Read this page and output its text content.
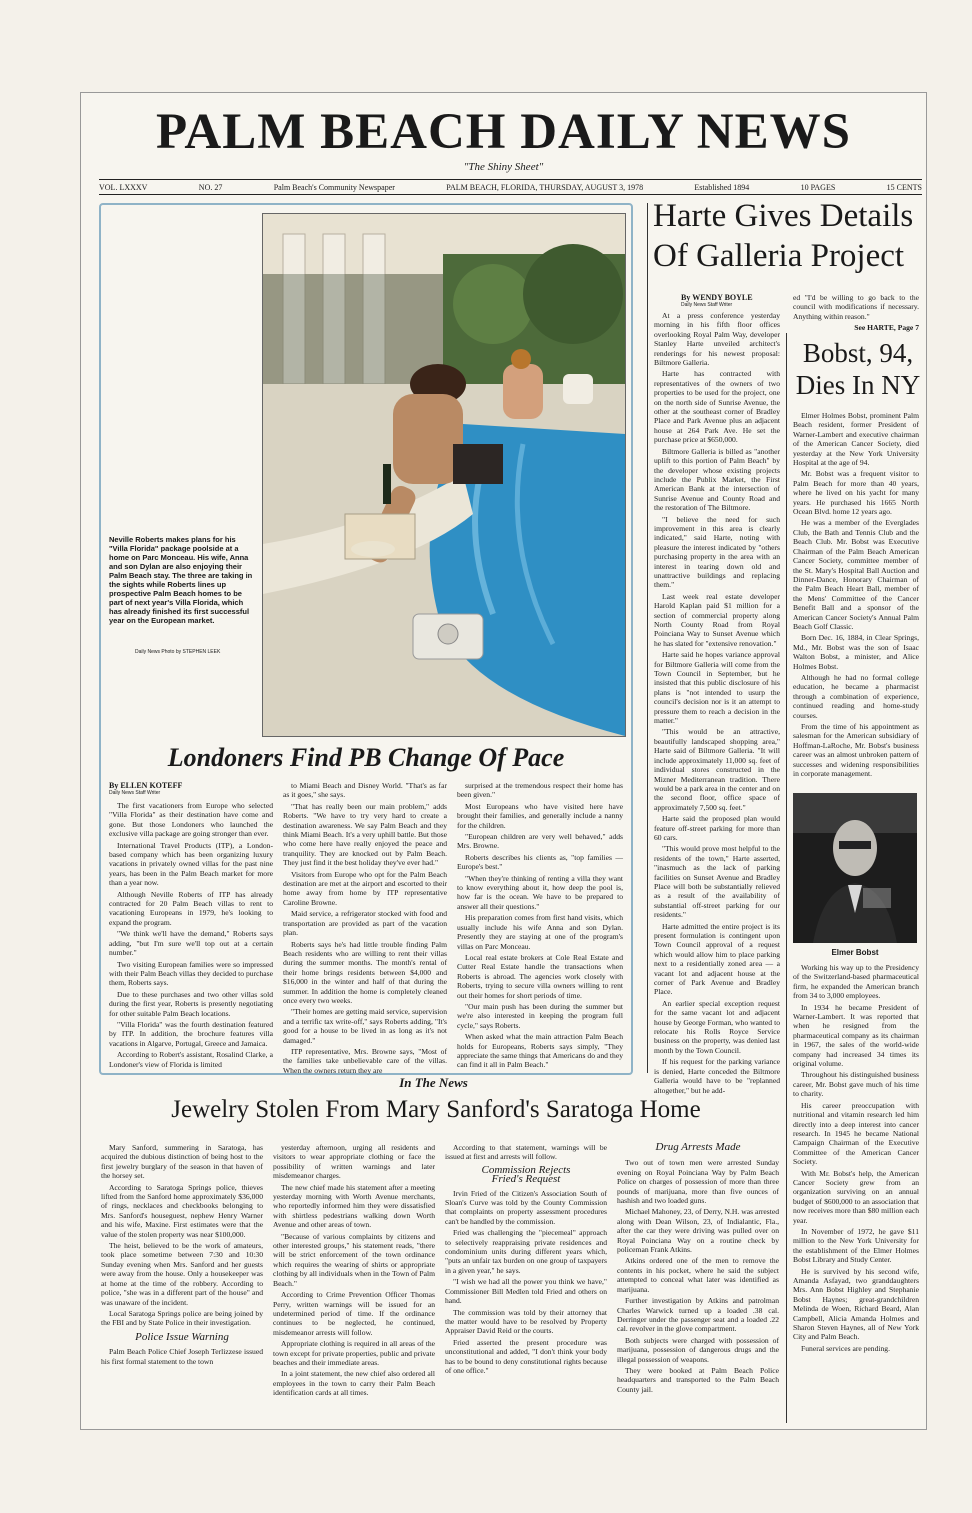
PALM BEACH DAILY NEWS
"The Shiny Sheet"
VOL. LXXXV	NO. 27	Palm Beach's Community Newspaper	PALM BEACH, FLORIDA, THURSDAY, AUGUST 3, 1978	Established 1894	10 PAGES	15 CENTS
Neville Roberts makes plans for his "Villa Florida" package poolside at a home on Parc Monceau. His wife, Anna and son Dylan are also enjoying their Palm Beach stay. The three are taking in the sights while Roberts lines up prospective Palm Beach homes to be part of next year's Villa Florida, which has already finished its first successful year on the European market.
Daily News Photo by STEPHEN LEEK
Londoners Find PB Change Of Pace
By ELLEN KOTEFF
Daily News Staff Writer

The first vacationers from Europe who selected "Villa Florida" as their destination have come and gone. But those Londoners who launched the exclusive villa package are going stronger than ever.

International Travel Products (ITP), a London-based company which has been organizing luxury vacations in privately owned villas for the past nine years, has been in the Palm Beach market for more than a year now.

Although Neville Roberts of ITP has already contracted for 20 Palm Beach villas to rent to vacationing Europeans in 1979, he's looking to expand the program.

"We think we'll have the demand," Roberts says adding, "but I'm sure we'll top out at a certain number."

Two visiting European families were so impressed with their Palm Beach villas they decided to purchase them, Roberts says.

Due to these purchases and two other villas sold during the first year, Roberts is presently negotiating for other suitable Palm Beach locations.

"Villa Florida" was the fourth destination featured by ITP. In addition, the brochure features villa vacations in Algarve, Portugal, Greece and Jamaica.

According to Robert's assistant, Rosalind Clarke, a Londoner's view of Florida is limited

to Miami Beach and Disney World. "That's as far as it goes," she says.

"That has really been our main problem," adds Roberts. "We have to try very hard to create a destination awareness. We say Palm Beach and they think Miami Beach. It's a very uphill battle. But those who come here have really enjoyed the peace and tranquility. They are knocked out by Palm Beach. They just find it the best holiday they've ever had."

Visitors from Europe who opt for the Palm Beach destination are met at the airport and escorted to their home away from home by ITP representative Caroline Browne.

Maid service, a refrigerator stocked with food and transportation are provided as part of the vacation plan.

Roberts says he's had little trouble finding Palm Beach residents who are willing to rent their villas during the summer months. The month's rental of their home brings residents between $4,000 and $16,000 in the winter and half of that during the summer. In addition the home is completely cleaned once every two weeks.

"Their homes are getting maid service, supervision and a terrific tax write-off," says Roberts adding, "It's good for a house to be lived in as long as it's not damaged."

ITP representative, Mrs. Browne says, "Most of the families take unbelievable care of the villas. When the owners return they are

surprised at the tremendous respect their home has been given."

Most Europeans who have visited here have brought their families, and generally include a nanny for the children.

"European children are very well behaved," adds Mrs. Browne.

Roberts describes his clients as, "top families — Europe's best."

"When they're thinking of renting a villa they want to know everything about it, how deep the pool is, how far is the ocean. We have to be prepared to answer all their questions."

His preparation comes from first hand visits, which usually include his wife Anna and son Dylan. Presently they are staying at one of the program's villas on Parc Monceau.

Local real estate brokers at Cole Real Estate and Cutter Real Estate handle the transactions when Roberts is abroad. The agencies work closely with Roberts, trying to secure villa owners willing to rent out their homes for short periods of time.

"Our main push has been during the summer but we're also interested in keeping the program full cycle," says Roberts.

When asked what the main attraction Palm Beach holds for Europeans, Roberts says simply, "They appreciate the same things that Americans do and they can find it all in Palm Beach."

Harte Gives Details
Of Galleria Project
By WENDY BOYLE
Daily News Staff Writer

At a press conference yesterday morning in his fifth floor offices overlooking Royal Palm Way, developer Stanley Harte unveiled architect's renderings for his newest proposal: Biltmore Galleria.

Harte has contracted with representatives of the owners of two properties to be used for the project, one on the north side of Sunrise Avenue, the other at the southeast corner of Bradley Place and Park Avenue plus an adjacent house at 264 Park Ave. He set the purchase price at $650,000.

Biltmore Galleria is billed as "another uplift to this portion of Palm Beach" by the developer whose existing projects include the Publix Market, the First American Bank at the intersection of Sunrise Avenue and County Road and the restoration of The Biltmore.

"I believe the need for such improvement in this area is clearly indicated," said Harte, noting with pleasure the interest indicated by "others purchasing property in the area with an interest in tearing down old and unattractive buildings and replacing them."

Last week real estate developer Harold Kaplan paid $1 million for a section of commercial property along North County Road from Royal Poinciana Way to Sunset Avenue which he has slated for "extensive renovation."

Harte said he hopes variance approval for Biltmore Galleria will come from the Town Council in September, but he insisted that this public disclosure of his plans is "not intended to usurp the council's decision nor is it an attempt to pressure them to reach a decision in the matter."

"This would be an attractive, beautifully landscaped shopping area," Harte said of Biltmore Galleria. "It will include approximately 11,000 sq. feet of individual stores constructed in the Mizner Mediterranean tradition. There would be a park area in the center and on the second floor, office space of approximately 7,500 sq. feet."

Harte said the proposed plan would feature off-street parking for more than 60 cars.

"This would prove most helpful to the residents of the town," Harte asserted, "inasmuch as the lack of parking facilities on Sunset Avenue and Bradley Place will both be substantially relieved as a result of the availability of substantial off-street parking for our residents."

Harte admitted the entire project is its present formulation is contingent upon Town Council approval of a request which would allow him to place parking next to a residentially zoned area — a vacant lot and adjacent house at the corner of Park Avenue and Bradley Place.

An earlier special exception request for the same vacant lot and adjacent house by George Forman, who wanted to relocate his Rolls Royce Service business on the property, was denied last month by the Town Council.

If his request for the parking variance is denied, Harte conceded the Biltmore Galleria would have to be "replanned altogether," but he add-

ed "I'd be willing to go back to the council with modifications if necessary. Anything within reason."

See HARTE, Page 7

Bobst, 94,
Dies In NY

Elmer Holmes Bobst, prominent Palm Beach resident, former President of Warner-Lambert and executive chairman of the American Cancer Society, died yesterday at the New York University Hospital at the age of 94.

Mr. Bobst was a frequent visitor to Palm Beach for more than 40 years, where he lived on his yacht for many years. He purchased his 1665 North Ocean Blvd. home 12 years ago.

He was a member of the Everglades Club, the Bath and Tennis Club and the Beach Club. Mr. Bobst was Executive Chairman of the Palm Beach American Cancer Society, committee member of the St. Mary's Hospital Ball Auction and Dinner-Dance, Honorary Chairman of the Palm Beach Heart Ball, member of the Mens' Committee of the Cancer Benefit Ball and a sponsor of the American Cancer Society's Annual Palm Beach Golf Classic.

Born Dec. 16, 1884, in Clear Springs, Md., Mr. Bobst was the son of Isaac Walton Bobst, a minister, and Alice Holmes Bobst.

Although he had no formal college education, he became a pharmacist through a combination of experience, continued reading and home-study courses.

From the time of his appointment as salesman for the American subsidiary of Hoffman-LaRoche, Mr. Bobst's business career was an almost unbroken pattern of successes and widening responsibilities in corporate management.

Elmer Bobst

Working his way up to the Presidency of the Switzerland-based pharmaceutical firm, he expanded the American branch from 34 to 3,000 employees.

In 1934 he became President of Warner-Lambert. It was reported that when he resigned from the pharmaceutical company as its chairman in 1967, the sales of the world-wide company had increased 34 times its original volume.

Throughout his distinguished business career, Mr. Bobst gave much of his time to charity.

His career preoccupation with nutritional and vitamin research led him directly into a deep interest into cancer research. In 1945 he became National Campaign Chairman of the Executive Committee of the American Cancer Society.

With Mr. Bobst's help, the American Cancer Society grew from an organization surviving on an annual budget of $600,000 to an association that now receives more than $80 million each year.

In November of 1972, he gave $11 million to the New York University for the establishment of the Elmer Holmes Bobst Library and Study Center.

He is survived by his second wife, Amanda Asfayad, two granddaughters Mrs. Ann Bobst Highley and Stephanie Bobst Haynes; great-grandchildren Melinda de Woen, Richard Beard, Alan Campbell, Alicia Amanda Holmes and Sharon Steven Haynes, all of New York City and Palm Beach.

Funeral services are pending.

In The News
Jewelry Stolen From Mary Sanford's Saratoga Home

Mary Sanford, summering in Saratoga, has acquired the dubious distinction of being host to the first jewelry burglary of the season in that haven of the horsey set.

According to Saratoga Springs police, thieves lifted from the Sanford home approximately $36,000 of rings, necklaces and checkbooks belonging to Mrs. Sanford's houseguest, nephew Henry Warner and his wife, Maxine. First estimates were that the value of the stolen property was near $100,000.

The heist, believed to be the work of amateurs, took place sometime between 7:30 and 10:30 Sunday evening when Mrs. Sanford and her guests were away from the house. Only a housekeeper was at home at the time of the robbery. According to police, "she was in a different part of the house" and was unaware of the incident.

Local Saratoga Springs police are being joined by the FBI and by State Police in their investigation.

Police Issue Warning

Palm Beach Police Chief Joseph Terlizzese issued his first formal statement to the town

yesterday afternoon, urging all residents and visitors to wear appropriate clothing or face the possibility of written warnings and later misdemeanor charges.

The new chief made his statement after a meeting yesterday morning with Worth Avenue merchants, who reportedly informed him they were dissatisfied with shirtless pedestrians walking down Worth Avenue and other areas of town.

"Because of various complaints by citizens and other interested groups," his statement reads, "there will be strict enforcement of the town ordinance which requires the wearing of shirts or appropriate clothing by all individuals when in the Town of Palm Beach."

According to Crime Prevention Officer Thomas Perry, written warnings will be issued for an undetermined period of time. If the ordinance continues to be neglected, he continued, misdemeanor arrests will follow.

Appropriate clothing is required in all areas of the town except for private properties, public and private beaches and their immediate areas.

In a joint statement, the new chief also ordered all employees in the town to carry their Palm Beach identification cards at all times.

According to that statement, warnings will be issued at first and arrests will follow.

Commission Rejects
Fried's Request

Irvin Fried of the Citizen's Association South of Sloan's Curve was told by the County Commission that complaints on property assessment procedures can't be handled by the commission.

Fried was challenging the "piecemeal" approach to selectively reappraising private residences and condominium units during different years which, "puts an unfair tax burden on one group of taxpayers in a given year," he says.

"I wish we had all the power you think we have," Commissioner Bill Medlen told Fried and others on hand.

The commission was told by their attorney that the matter would have to be resolved by Property Appraiser David Reid or the courts.

Fried asserted the present procedure was unconstitutional and added, "I don't think your body has to be bound to deny constitutional rights because of one office."

Drug Arrests Made

Two out of town men were arrested Sunday evening on Royal Poinciana Way by Palm Beach Police on charges of possession of more than three pounds of marijuana, more than five ounces of hashish and two loaded guns.

Michael Mahoney, 23, of Derry, N.H. was arrested along with Dean Wilson, 23, of Indialantic, Fla., after the car they were driving was pulled over on Royal Poinciana Way on a routine check by policeman Frank Atkins.

Atkins ordered one of the men to remove the contents in his pocket, where he said the subject attempted to conceal what later was identified as marijuana.

Further investigation by Atkins and patrolman Charles Warwick turned up a loaded .38 cal. Derringer under the passenger seat and a loaded .22 cal. revolver in the glove compartment.

Both subjects were charged with possession of marijuana, possession of dangerous drugs and the illegal possession of weapons.

They were booked at Palm Beach Police headquarters and transported to the Palm Beach County jail.
